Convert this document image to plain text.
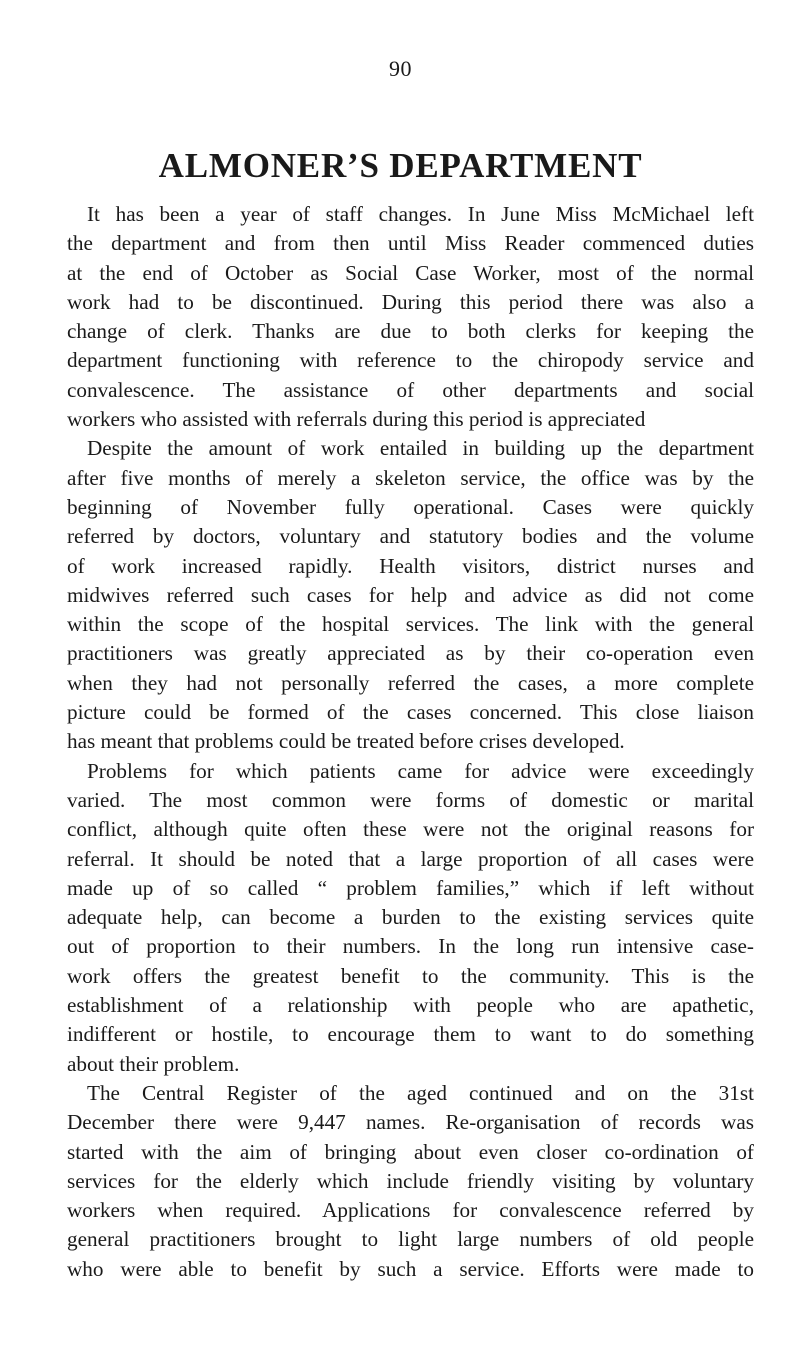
90
ALMONER’S DEPARTMENT
It has been a year of staff changes. In June Miss McMichael left
the department and from then until Miss Reader commenced duties
at the end of October as Social Case Worker, most of the normal
work had to be discontinued. During this period there was also a
change of clerk. Thanks are due to both clerks for keeping the
department functioning with reference to the chiropody service and
convalescence. The assistance of other departments and social
workers who assisted with referrals during this period is appreciated
Despite the amount of work entailed in building up the department
after five months of merely a skeleton service, the office was by the
beginning of November fully operational. Cases were quickly
referred by doctors, voluntary and statutory bodies and the volume
of work increased rapidly. Health visitors, district nurses and
midwives referred such cases for help and advice as did not come
within the scope of the hospital services. The link with the general
practitioners was greatly appreciated as by their co-operation even
when they had not personally referred the cases, a more complete
picture could be formed of the cases concerned. This close liaison
has meant that problems could be treated before crises developed.
Problems for which patients came for advice were exceedingly
varied. The most common were forms of domestic or marital
conflict, although quite often these were not the original reasons for
referral. It should be noted that a large proportion of all cases were
made up of so called “ problem families,” which if left without
adequate help, can become a burden to the existing services quite
out of proportion to their numbers. In the long run intensive case-
work offers the greatest benefit to the community. This is the
establishment of a relationship with people who are apathetic,
indifferent or hostile, to encourage them to want to do something
about their problem.
The Central Register of the aged continued and on the 31st
December there were 9,447 names. Re-organisation of records was
started with the aim of bringing about even closer co-ordination of
services for the elderly which include friendly visiting by voluntary
workers when required. Applications for convalescence referred by
general practitioners brought to light large numbers of old people
who were able to benefit by such a service. Efforts were made to
